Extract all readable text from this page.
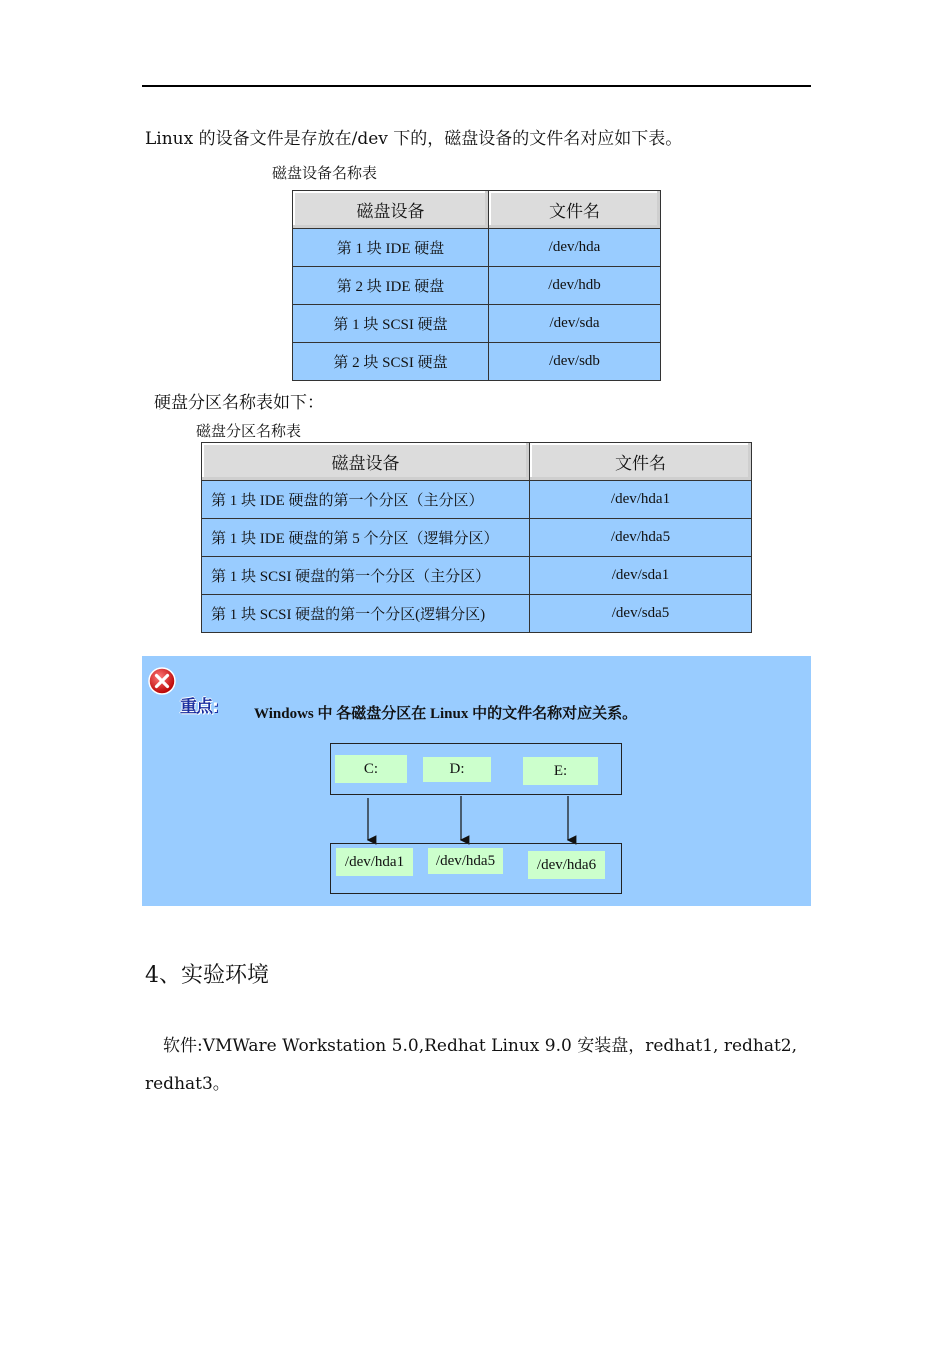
Linux 的设备文件是存放在/dev 下的，磁盘设备的文件名对应如下表。
磁盘设备名称表
磁盘设备	文件名
第 1 块 IDE 硬盘	/dev/hda
第 2 块 IDE 硬盘	/dev/hdb
第 1 块 SCSI 硬盘	/dev/sda
第 2 块 SCSI 硬盘	/dev/sdb
硬盘分区名称表如下：
磁盘分区名称表
磁盘设备	文件名
第 1 块 IDE 硬盘的第一个分区（主分区）	/dev/hda1
第 1 块 IDE 硬盘的第 5 个分区（逻辑分区）	/dev/hda5
第 1 块 SCSI 硬盘的第一个分区（主分区）	/dev/sda1
第 1 块 SCSI 硬盘的第一个分区(逻辑分区)	/dev/sda5
重点: Windows 中 各磁盘分区在 Linux 中的文件名称对应关系。
C:	D:	E:
/dev/hda1	/dev/hda5	/dev/hda6
4、实验环境
软件:VMWare Workstation 5.0,Redhat Linux 9.0 安装盘，redhat1, redhat2,
redhat3。
